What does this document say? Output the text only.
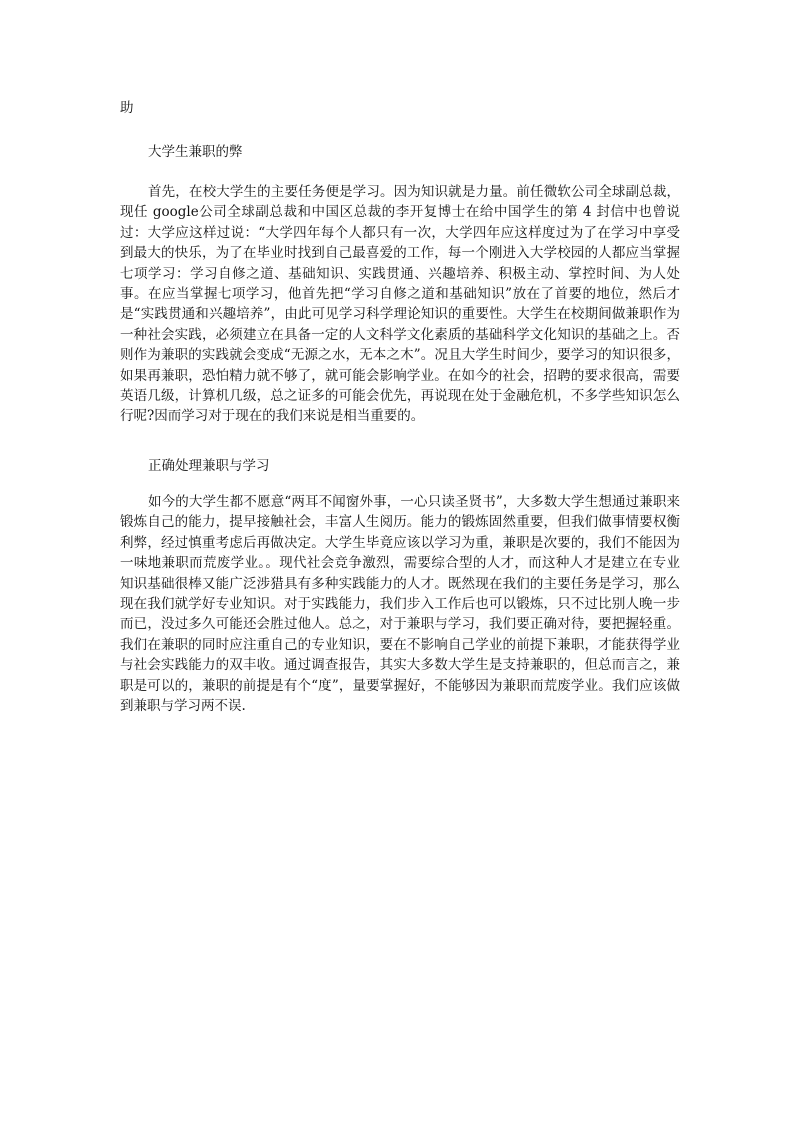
助

大学生兼职的弊

首先，在校大学生的主要任务便是学习。因为知识就是力量。前任微软公司全球副总裁，现任 google公司全球副总裁和中国区总裁的李开复博士在给中国学生的第 4 封信中也曾说过：大学应这样过说：“大学四年每个人都只有一次，大学四年应这样度过为了在学习中享受到最大的快乐，为了在毕业时找到自己最喜爱的工作，每一个刚进入大学校园的人都应当掌握七项学习：学习自修之道、基础知识、实践贯通、兴趣培养、积极主动、掌控时间、为人处事。在应当掌握七项学习，他首先把“学习自修之道和基础知识”放在了首要的地位，然后才是“实践贯通和兴趣培养”，由此可见学习科学理论知识的重要性。大学生在校期间做兼职作为一种社会实践，必须建立在具备一定的人文科学文化素质的基础科学文化知识的基础之上。否则作为兼职的实践就会变成“无源之水，无本之木”。况且大学生时间少，要学习的知识很多，如果再兼职，恐怕精力就不够了，就可能会影响学业。在如今的社会，招聘的要求很高，需要英语几级，计算机几级，总之证多的可能会优先，再说现在处于金融危机，不多学些知识怎么行呢?因而学习对于现在的我们来说是相当重要的。

正确处理兼职与学习

如今的大学生都不愿意“两耳不闻窗外事，一心只读圣贤书”，大多数大学生想通过兼职来锻炼自己的能力，提早接触社会，丰富人生阅历。能力的锻炼固然重要，但我们做事情要权衡利弊，经过慎重考虑后再做决定。大学生毕竟应该以学习为重，兼职是次要的，我们不能因为一味地兼职而荒废学业。。现代社会竞争激烈，需要综合型的人才，而这种人才是建立在专业知识基础很棒又能广泛涉猎具有多种实践能力的人才。既然现在我们的主要任务是学习，那么现在我们就学好专业知识。对于实践能力，我们步入工作后也可以锻炼，只不过比别人晚一步而已，没过多久可能还会胜过他人。总之，对于兼职与学习，我们要正确对待，要把握轻重。我们在兼职的同时应注重自己的专业知识，要在不影响自己学业的前提下兼职，才能获得学业与社会实践能力的双丰收。通过调查报告，其实大多数大学生是支持兼职的，但总而言之，兼职是可以的，兼职的前提是有个“度”，量要掌握好，不能够因为兼职而荒废学业。我们应该做到兼职与学习两不误.
